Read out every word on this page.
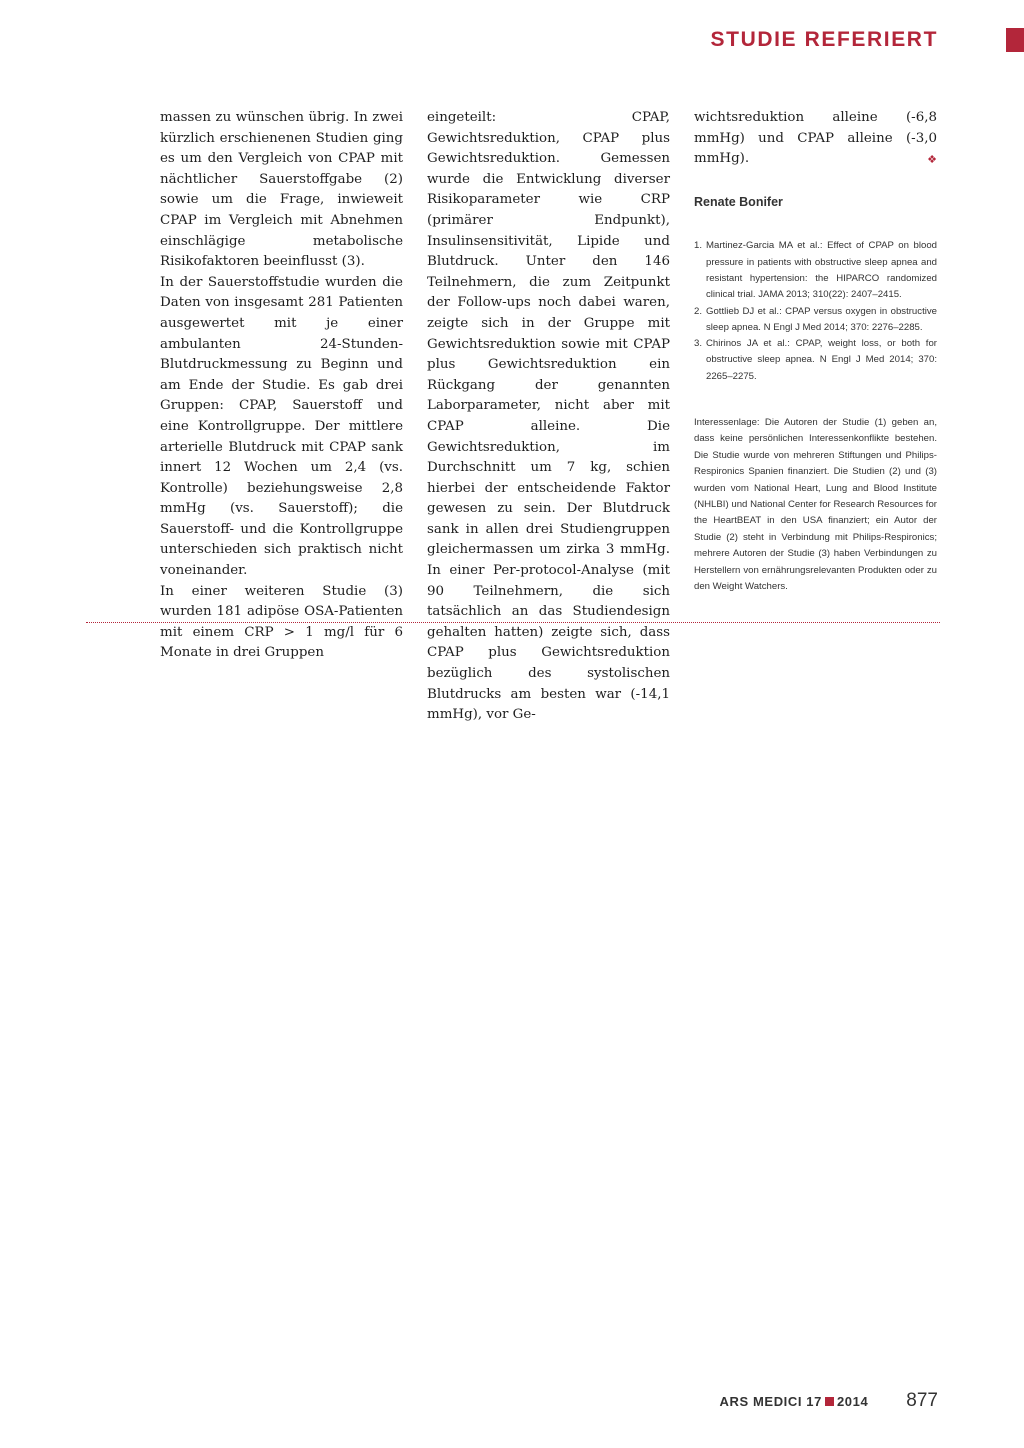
STUDIE REFERIERT

massen zu wünschen übrig. In zwei kürzlich erschienenen Studien ging es um den Vergleich von CPAP mit nächtlicher Sauerstoffgabe (2) sowie um die Frage, inwieweit CPAP im Vergleich mit Abnehmen einschlägige metabolische Risikofaktoren beeinflusst (3).

In der Sauerstoffstudie wurden die Daten von insgesamt 281 Patienten ausgewertet mit je einer ambulanten 24-Stunden-Blutdruckmessung zu Beginn und am Ende der Studie. Es gab drei Gruppen: CPAP, Sauerstoff und eine Kontrollgruppe. Der mittlere arterielle Blutdruck mit CPAP sank innert 12 Wochen um 2,4 (vs. Kontrolle) beziehungsweise 2,8 mmHg (vs. Sauerstoff); die Sauerstoff- und die Kontrollgruppe unterschieden sich praktisch nicht voneinander.

In einer weiteren Studie (3) wurden 181 adipöse OSA-Patienten mit einem CRP > 1 mg/l für 6 Monate in drei Gruppen

eingeteilt: CPAP, Gewichtsreduktion, CPAP plus Gewichtsreduktion. Gemessen wurde die Entwicklung diverser Risikoparameter wie CRP (primärer Endpunkt), Insulinsensitivität, Lipide und Blutdruck. Unter den 146 Teilnehmern, die zum Zeitpunkt der Follow-ups noch dabei waren, zeigte sich in der Gruppe mit Gewichtsreduktion sowie mit CPAP plus Gewichtsreduktion ein Rückgang der genannten Laborparameter, nicht aber mit CPAP alleine. Die Gewichtsreduktion, im Durchschnitt um 7 kg, schien hierbei der entscheidende Faktor gewesen zu sein. Der Blutdruck sank in allen drei Studiengruppen gleichermassen um zirka 3 mmHg. In einer Per-protocol-Analyse (mit 90 Teilnehmern, die sich tatsächlich an das Studiendesign gehalten hatten) zeigte sich, dass CPAP plus Gewichtsreduktion bezüglich des systolischen Blutdrucks am besten war (-14,1 mmHg), vor Ge-

wichtsreduktion alleine (-6,8 mmHg) und CPAP alleine (-3,0 mmHg).	❖

Renate Bonifer

1. Martinez-Garcia MA et al.: Effect of CPAP on blood pressure in patients with obstructive sleep apnea and resistant hypertension: the HIPARCO randomized clinical trial. JAMA 2013; 310(22): 2407–2415.
2. Gottlieb DJ et al.: CPAP versus oxygen in obstructive sleep apnea. N Engl J Med 2014; 370: 2276–2285.
3. Chirinos JA et al.: CPAP, weight loss, or both for obstructive sleep apnea. N Engl J Med 2014; 370: 2265–2275.

Interessenlage: Die Autoren der Studie (1) geben an, dass keine persönlichen Interessenkonflikte bestehen. Die Studie wurde von mehreren Stiftungen und Philips-Respironics Spanien finanziert. Die Studien (2) und (3) wurden vom National Heart, Lung and Blood Institute (NHLBI) und National Center for Research Resources for the HeartBEAT in den USA finanziert; ein Autor der Studie (2) steht in Verbindung mit Philips-Respironics; mehrere Autoren der Studie (3) haben Verbindungen zu Herstellern von ernährungsrelevanten Produkten oder zu den Weight Watchers.

ARS MEDICI 17 2014 877
